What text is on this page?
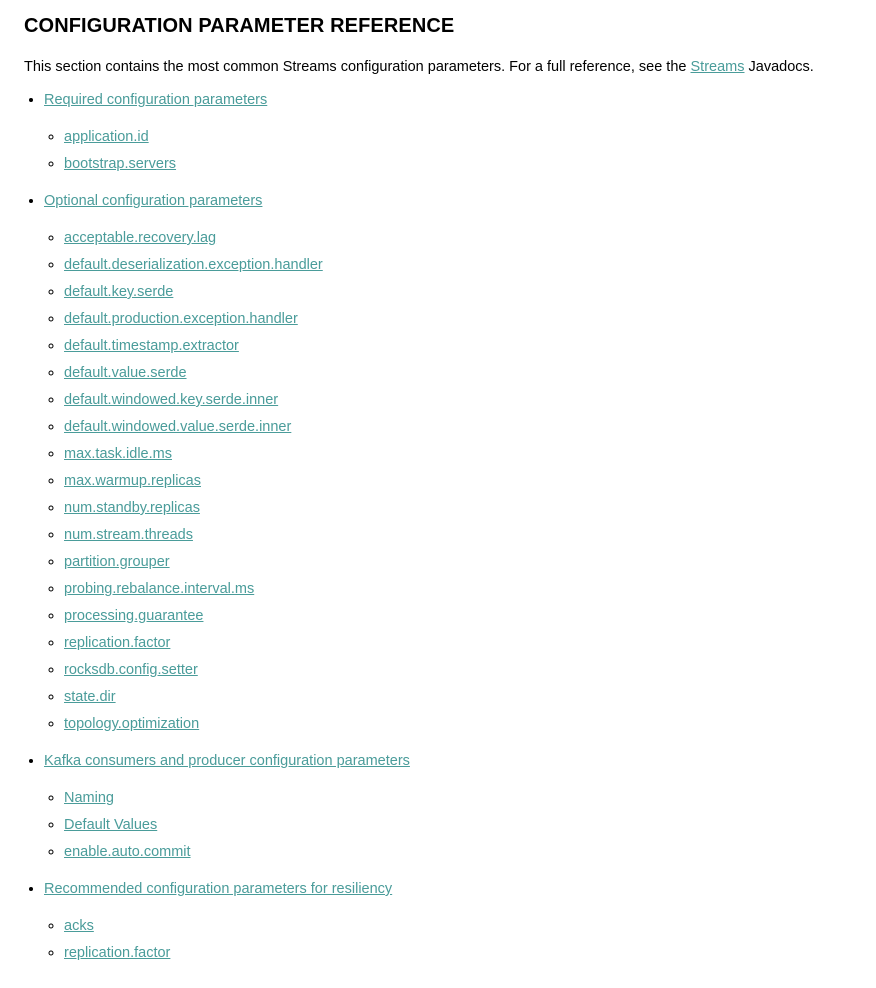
CONFIGURATION PARAMETER REFERENCE

This section contains the most common Streams configuration parameters. For a full reference, see the Streams Javadocs.

• Required configuration parameters
◦ application.id
◦ bootstrap.servers
• Optional configuration parameters
◦ acceptable.recovery.lag
◦ default.deserialization.exception.handler
◦ default.key.serde
◦ default.production.exception.handler
◦ default.timestamp.extractor
◦ default.value.serde
◦ default.windowed.key.serde.inner
◦ default.windowed.value.serde.inner
◦ max.task.idle.ms
◦ max.warmup.replicas
◦ num.standby.replicas
◦ num.stream.threads
◦ partition.grouper
◦ probing.rebalance.interval.ms
◦ processing.guarantee
◦ replication.factor
◦ rocksdb.config.setter
◦ state.dir
◦ topology.optimization
• Kafka consumers and producer configuration parameters
◦ Naming
◦ Default Values
◦ enable.auto.commit
• Recommended configuration parameters for resiliency
◦ acks
◦ replication.factor
